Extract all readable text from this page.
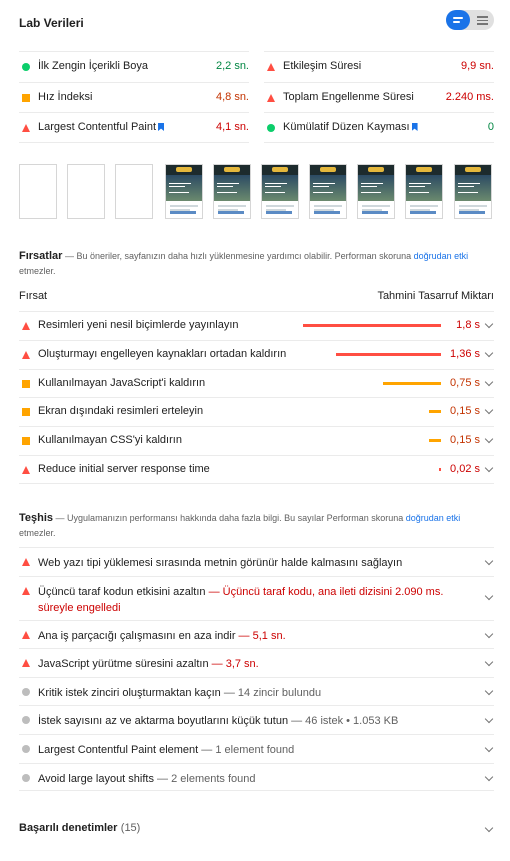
Lab Verileri
İlk Zengin İçerikli Boya	2,2 sn.
Hız İndeksi	4,8 sn.
Largest Contentful Paint	4,1 sn.
Etkileşim Süresi	9,9 sn.
Toplam Engellenme Süresi	2.240 ms.
Kümülatif Düzen Kayması	0
Fırsatlar — Bu öneriler, sayfanızın daha hızlı yüklenmesine yardımcı olabilir. Performan skoruna doğrudan etki etmezler.
Fırsat	Tahmini Tasarruf Miktarı
Resimleri yeni nesil biçimlerde yayınlayın	1,8 s
Oluşturmayı engelleyen kaynakları ortadan kaldırın	1,36 s
Kullanılmayan JavaScript'i kaldırın	0,75 s
Ekran dışındaki resimleri erteleyin	0,15 s
Kullanılmayan CSS'yi kaldırın	0,15 s
Reduce initial server response time	0,02 s
Teşhis — Uygulamanızın performansı hakkında daha fazla bilgi. Bu sayılar Performan skoruna doğrudan etki etmezler.
Web yazı tipi yüklemesi sırasında metnin görünür halde kalmasını sağlayın
Üçüncü taraf kodun etkisini azaltın — Üçüncü taraf kodu, ana ileti dizisini 2.090 ms. süreyle engelledi
Ana iş parçacığı çalışmasını en aza indir — 5,1 sn.
JavaScript yürütme süresini azaltın — 3,7 sn.
Kritik istek zinciri oluşturmaktan kaçın — 14 zincir bulundu
İstek sayısını az ve aktarma boyutlarını küçük tutun — 46 istek • 1.053 KB
Largest Contentful Paint element — 1 element found
Avoid large layout shifts — 2 elements found
Başarılı denetimler (15)
